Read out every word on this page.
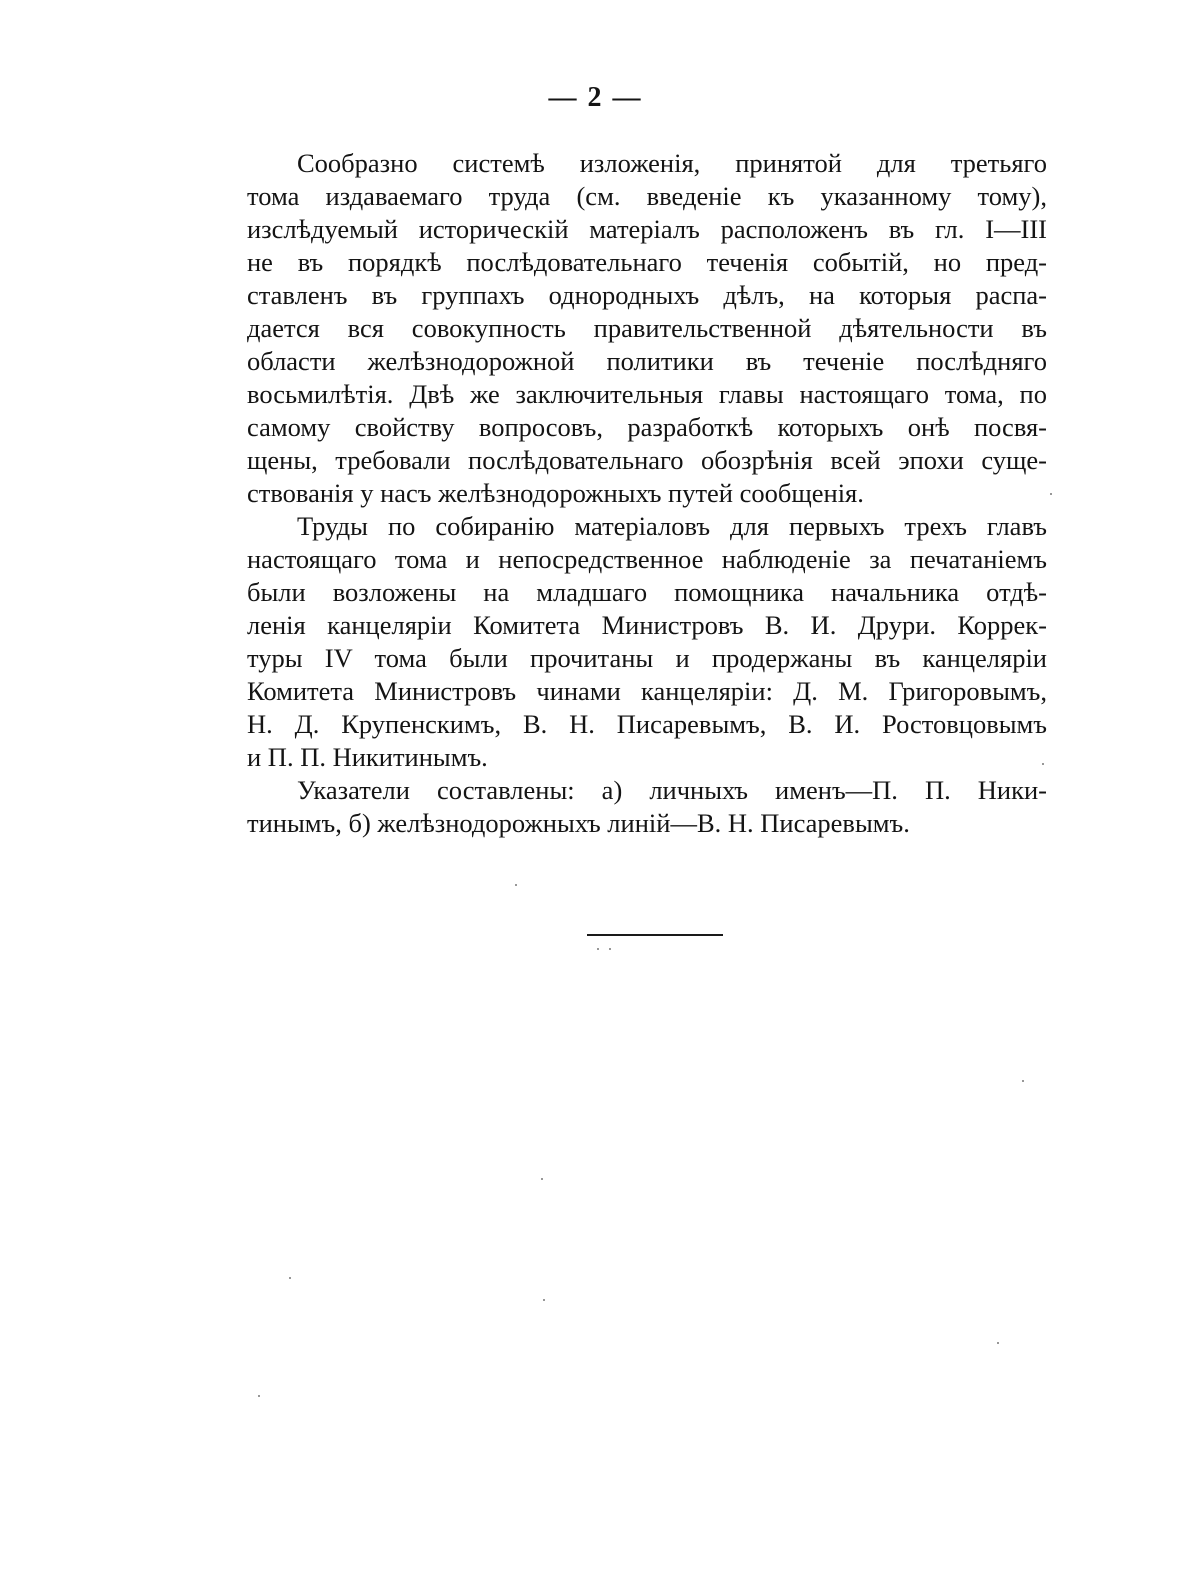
— 2 —
Сообразно системѣ изложенія, принятой для третьяго
тома издаваемаго труда (см. введеніе къ указанному тому),
изслѣдуемый историческій матеріалъ расположенъ въ гл. I—III
не въ порядкѣ послѣдовательнаго теченія событій, но пред-
ставленъ въ группахъ однородныхъ дѣлъ, на которыя распа-
дается вся совокупность правительственной дѣятельности въ
области желѣзнодорожной политики въ теченіе послѣдняго
восьмилѣтія. Двѣ же заключительныя главы настоящаго тома, по
самому свойству вопросовъ, разработкѣ которыхъ онѣ посвя-
щены, требовали послѣдовательнаго обозрѣнія всей эпохи суще-
ствованія у насъ желѣзнодорожныхъ путей сообщенія.
Труды по собиранію матеріаловъ для первыхъ трехъ главъ
настоящаго тома и непосредственное наблюденіе за печатаніемъ
были возложены на младшаго помощника начальника отдѣ-
ленія канцеляріи Комитета Министровъ В. И. Друри. Коррек-
туры IV тома были прочитаны и продержаны въ канцеляріи
Комитета Министровъ чинами канцеляріи: Д. М. Григоровымъ,
Н. Д. Крупенскимъ, В. Н. Писаревымъ, В. И. Ростовцовымъ
и П. П. Никитинымъ.
Указатели составлены: а) личныхъ именъ—П. П. Ники-
тинымъ, б) желѣзнодорожныхъ линій—В. Н. Писаревымъ.
